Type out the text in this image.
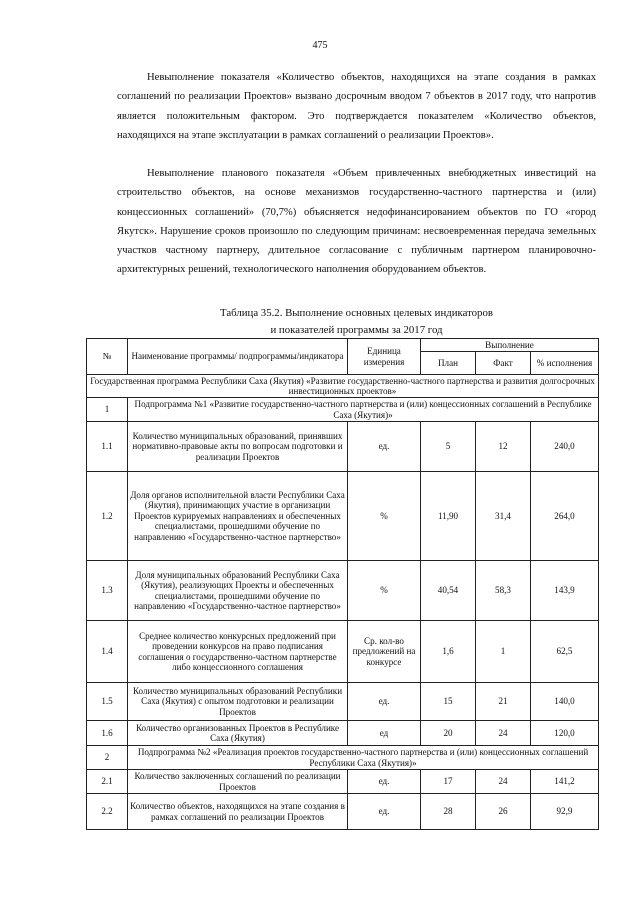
475

Невыполнение показателя «Количество объектов, находящихся на этапе создания в рамках соглашений по реализации Проектов» вызвано досрочным вводом 7 объектов в 2017 году, что напротив является положительным фактором. Это подтверждается показателем «Количество объектов, находящихся на этапе эксплуатации в рамках соглашений о реализации Проектов».

Невыполнение планового показателя «Объем привлеченных внебюджетных инвестиций на строительство объектов, на основе механизмов государственно-частного партнерства и (или) концессионных соглашений» (70,7%) объясняется недофинансированием объектов по ГО «город Якутск». Нарушение сроков произошло по следующим причинам: несвоевременная передача земельных участков частному партнеру, длительное согласование с публичным партнером планировочно-архитектурных решений, технологического наполнения оборудованием объектов.

Таблица 35.2. Выполнение основных целевых индикаторов

и показателей программы за 2017 год

№	Наименование программы/ подпрограммы/индикатора	Единица измерения	Выполнение		
			План	Факт	% исполнения
Государственная программа Республики Саха (Якутия) «Развитие государственно-частного партнерства и развития долгосрочных инвестиционных проектов»					
1	Подпрограмма №1 «Развитие государственно-частного партнерства и (или) концессионных соглашений в Республике Саха (Якутия)»				
1.1	Количество муниципальных образований, принявших нормативно-правовые акты по вопросам подготовки и реализации Проектов	ед.	5	12	240,0
1.2	Доля органов исполнительной власти Республики Саха (Якутия), принимающих участие в организации Проектов курируемых направлениях и обеспеченных специалистами, прошедшими обучение по направлению «Государственно-частное партнерство»	%	11,90	31,4	264,0
1.3	Доля муниципальных образований Республики Саха (Якутия), реализующих Проекты и обеспеченных специалистами, прошедшими обучение по направлению «Государственно-частное партнерство»	%	40,54	58,3	143,9
1.4	Среднее количество конкурсных предложений при проведении конкурсов на право подписания соглашения о государственно-частном партнерстве либо концессионного соглашения	Ср. кол-во предложений на конкурсе	1,6	1	62,5
1.5	Количество муниципальных образований Республики Саха (Якутия) с опытом подготовки и реализации Проектов	ед.	15	21	140,0
1.6	Количество организованных Проектов в Республике Саха (Якутия)	ед	20	24	120,0
2	Подпрограмма №2 «Реализация проектов государственно-частного партнерства и (или) концессионных соглашений Республики Саха (Якутия)»				
2.1	Количество заключенных соглашений по реализации Проектов	ед.	17	24	141,2
2.2	Количество объектов, находящихся на этапе создания в рамках соглашений по реализации Проектов	ед.	28	26	92,9
